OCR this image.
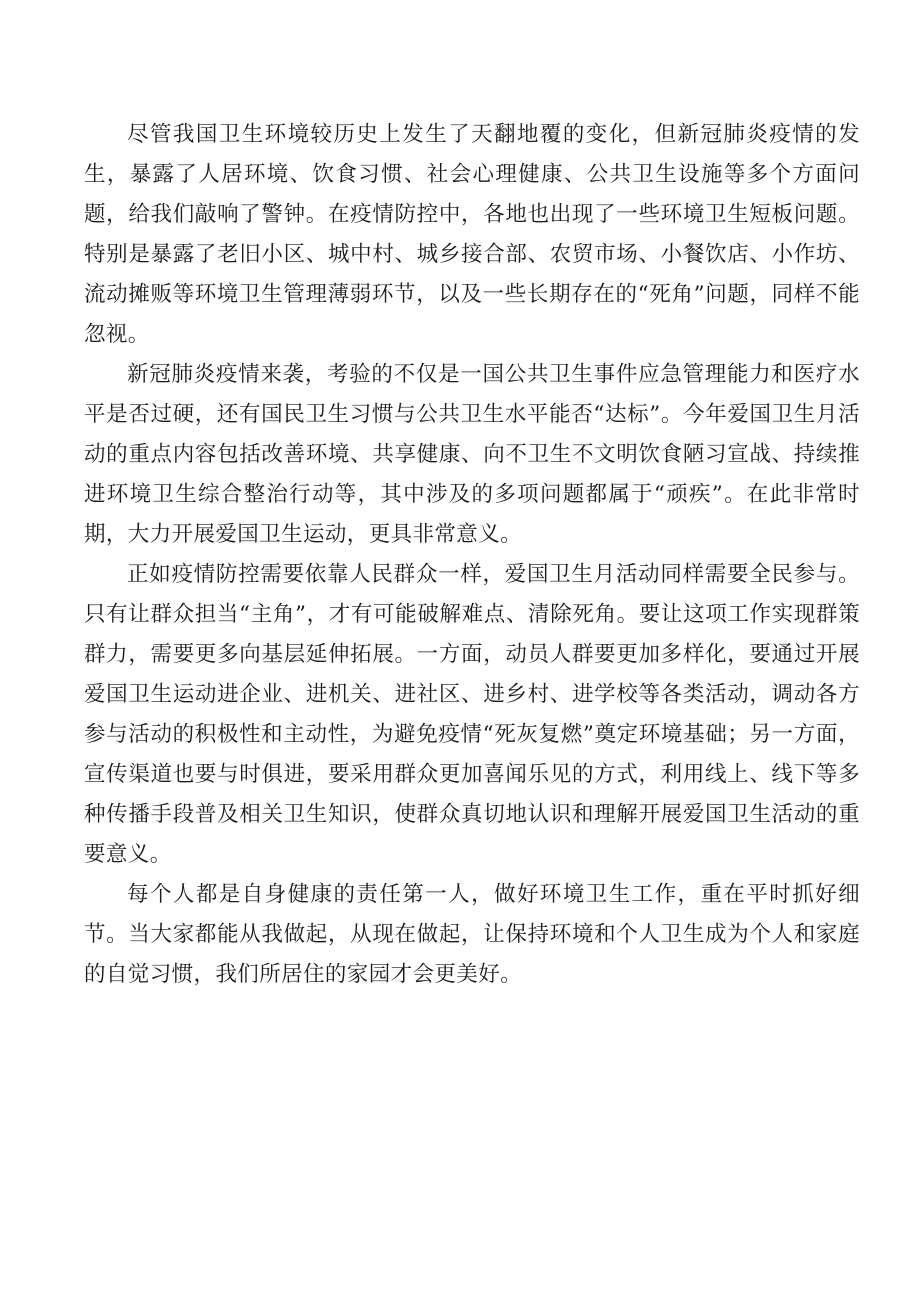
尽管我国卫生环境较历史上发生了天翻地覆的变化，但新冠肺炎疫情的发生，暴露了人居环境、饮食习惯、社会心理健康、公共卫生设施等多个方面问题，给我们敲响了警钟。在疫情防控中，各地也出现了一些环境卫生短板问题。特别是暴露了老旧小区、城中村、城乡接合部、农贸市场、小餐饮店、小作坊、流动摊贩等环境卫生管理薄弱环节，以及一些长期存在的“死角”问题，同样不能忽视。

新冠肺炎疫情来袭，考验的不仅是一国公共卫生事件应急管理能力和医疗水平是否过硬，还有国民卫生习惯与公共卫生水平能否“达标”。今年爱国卫生月活动的重点内容包括改善环境、共享健康、向不卫生不文明饮食陋习宣战、持续推进环境卫生综合整治行动等，其中涉及的多项问题都属于“顽疾”。在此非常时期，大力开展爱国卫生运动，更具非常意义。

正如疫情防控需要依靠人民群众一样，爱国卫生月活动同样需要全民参与。只有让群众担当“主角”，才有可能破解难点、清除死角。要让这项工作实现群策群力，需要更多向基层延伸拓展。一方面，动员人群要更加多样化，要通过开展爱国卫生运动进企业、进机关、进社区、进乡村、进学校等各类活动，调动各方参与活动的积极性和主动性，为避免疫情“死灰复燃”奠定环境基础；另一方面，宣传渠道也要与时俱进，要采用群众更加喜闻乐见的方式，利用线上、线下等多种传播手段普及相关卫生知识，使群众真切地认识和理解开展爱国卫生活动的重要意义。

每个人都是自身健康的责任第一人，做好环境卫生工作，重在平时抓好细节。当大家都能从我做起，从现在做起，让保持环境和个人卫生成为个人和家庭的自觉习惯，我们所居住的家园才会更美好。
